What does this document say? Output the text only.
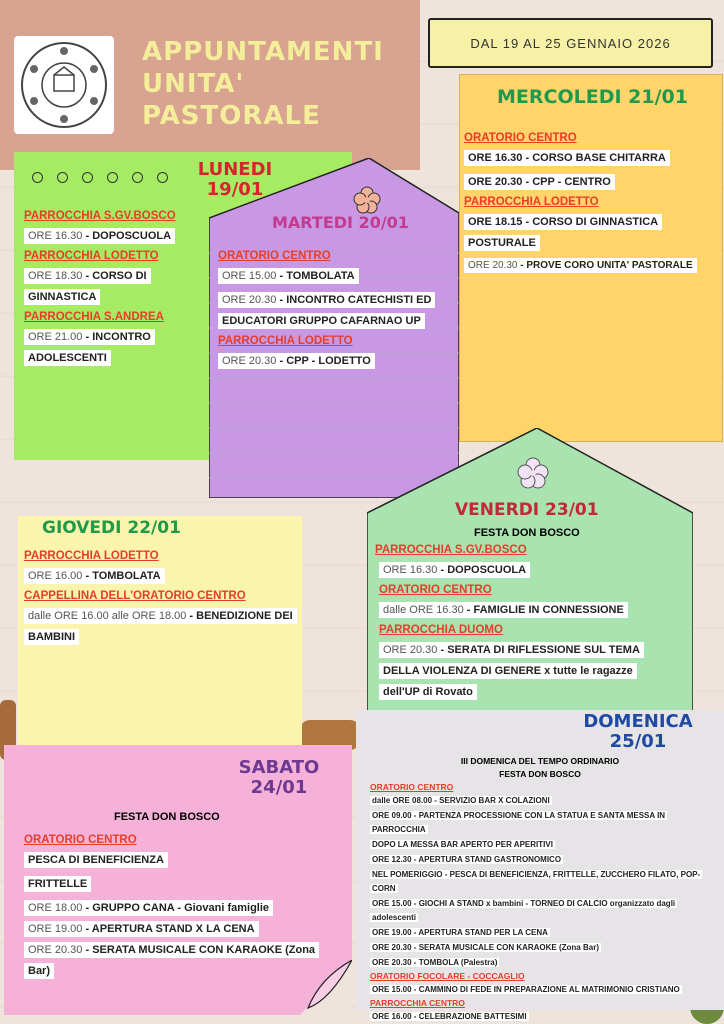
APPUNTAMENTI
UNITA'
PASTORALE
DAL 19 AL 25 GENNAIO 2026
MERCOLEDI 21/01
ORATORIO CENTRO
ORE 16.30 - CORSO BASE CHITARRA
ORE 20.30 - CPP - CENTRO
PARROCCHIA LODETTO
ORE 18.15 - CORSO DI GINNASTICA POSTURALE
ORE 20.30 - PROVE CORO UNITA' PASTORALE
LUNEDI
19/01
PARROCCHIA S.GV.BOSCO
ORE 16.30 - DOPOSCUOLA
PARROCCHIA LODETTO
ORE 18.30 - CORSO DI GINNASTICA
PARROCCHIA S.ANDREA
ORE 21.00 - INCONTRO ADOLESCENTI
MARTEDI 20/01
ORATORIO CENTRO
ORE 15.00 - TOMBOLATA
ORE 20.30 - INCONTRO CATECHISTI ED EDUCATORI GRUPPO CAFARNAO UP
PARROCCHIA LODETTO
ORE 20.30 - CPP - LODETTO
GIOVEDI 22/01
PARROCCHIA LODETTO
ORE 16.00 - TOMBOLATA
CAPPELLINA DELL'ORATORIO CENTRO
dalle ORE 16.00 alle ORE 18.00 - BENEDIZIONE DEI BAMBINI
VENERDI 23/01
FESTA DON BOSCO
PARROCCHIA S.GV.BOSCO
ORE 16.30 - DOPOSCUOLA
ORATORIO CENTRO
dalle ORE 16.30 - FAMIGLIE IN CONNESSIONE
PARROCCHIA DUOMO
ORE 20.30 - SERATA DI RIFLESSIONE SUL TEMA DELLA VIOLENZA DI GENERE x tutte le ragazze dell'UP di Rovato
SABATO
24/01
FESTA DON BOSCO
ORATORIO CENTRO
PESCA DI BENEFICIENZA
FRITTELLE
ORE 18.00 - GRUPPO CANA - Giovani famiglie
ORE 19.00 - APERTURA STAND X LA CENA
ORE 20.30 - SERATA MUSICALE CON KARAOKE (Zona Bar)
DOMENICA
25/01
III DOMENICA DEL TEMPO ORDINARIO
FESTA DON BOSCO
ORATORIO CENTRO
dalle ORE 08.00 - SERVIZIO BAR X COLAZIONI
ORE 09.00 - PARTENZA PROCESSIONE CON LA STATUA E SANTA MESSA IN PARROCCHIA
DOPO LA MESSA BAR APERTO PER APERITIVI
ORE 12.30 - APERTURA STAND GASTRONOMICO
NEL POMERIGGIO - PESCA DI BENEFICIENZA, FRITTELLE, ZUCCHERO FILATO, POP-CORN
ORE 15.00 - GIOCHI A STAND x bambini - TORNEO DI CALCIO organizzato dagli adolescenti
ORE 19.00 - APERTURA STAND PER LA CENA
ORE 20.30 - SERATA MUSICALE CON KARAOKE (Zona Bar)
ORE 20.30 - TOMBOLA (Palestra)
ORATORIO FOCOLARE - COCCAGLIO
ORE 15.00 - CAMMINO DI FEDE IN PREPARAZIONE AL MATRIMONIO CRISTIANO
PARROCCHIA CENTRO
ORE 16.00 - CELEBRAZIONE BATTESIMI
